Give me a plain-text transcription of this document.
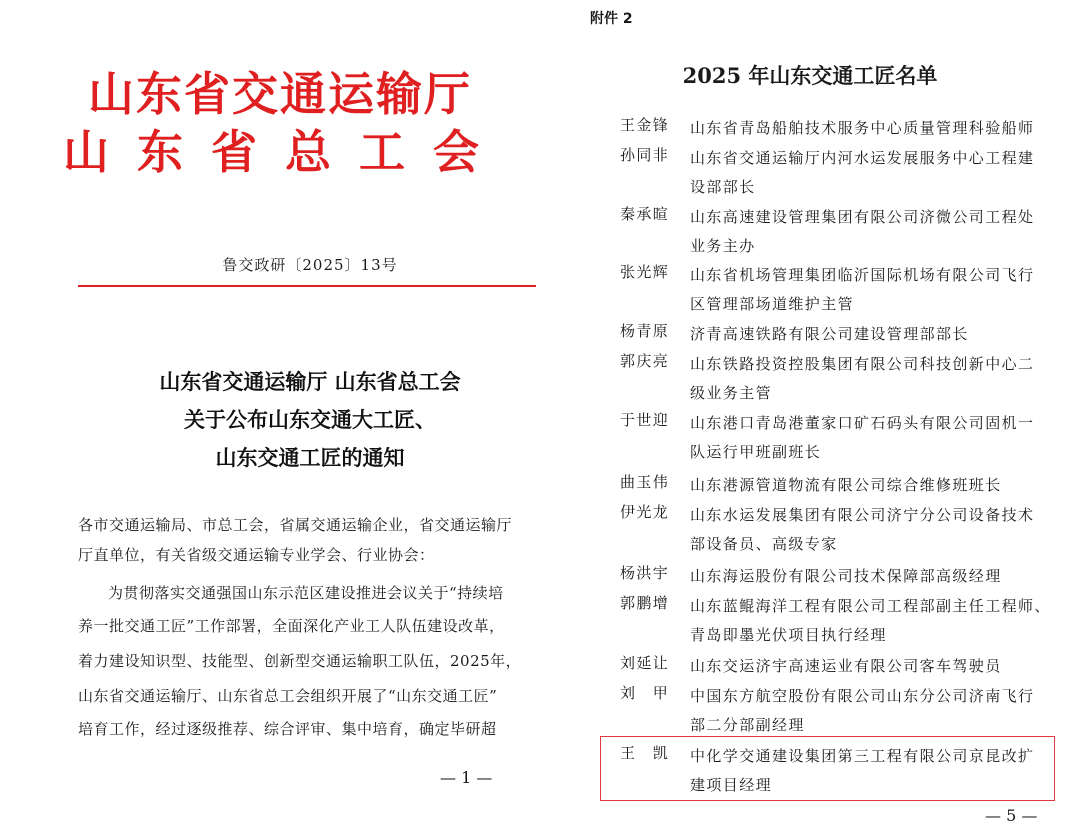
山东省交通运输厅
山东省总工会
鲁交政研〔2025〕13号
山东省交通运输厅 山东省总工会
关于公布山东交通大工匠、
山东交通工匠的通知
各市交通运输局、市总工会，省属交通运输企业，省交通运输厅
厅直单位，有关省级交通运输专业学会、行业协会：
为贯彻落实交通强国山东示范区建设推进会议关于“持续培
养一批交通工匠”工作部署，全面深化产业工人队伍建设改革，
着力建设知识型、技能型、创新型交通运输职工队伍，2025年，
山东省交通运输厅、山东省总工会组织开展了“山东交通工匠”
培育工作，经过逐级推荐、综合评审、集中培育，确定毕研超
— 1 —
附件 2
2025 年山东交通工匠名单
王金锋	山东省青岛船舶技术服务中心质量管理科验船师
孙同非	山东省交通运输厅内河水运发展服务中心工程建
设部部长
秦承暄	山东高速建设管理集团有限公司济微公司工程处
业务主办
张光辉	山东省机场管理集团临沂国际机场有限公司飞行
区管理部场道维护主管
杨青原	济青高速铁路有限公司建设管理部部长
郭庆亮	山东铁路投资控股集团有限公司科技创新中心二
级业务主管
于世迎	山东港口青岛港董家口矿石码头有限公司固机一
队运行甲班副班长
曲玉伟	山东港源管道物流有限公司综合维修班班长
伊光龙	山东水运发展集团有限公司济宁分公司设备技术
部设备员、高级专家
杨洪宇	山东海运股份有限公司技术保障部高级经理
郭鹏增	山东蓝鲲海洋工程有限公司工程部副主任工程师、
青岛即墨光伏项目执行经理
刘延让	山东交运济宇高速运业有限公司客车驾驶员
刘　甲	中国东方航空股份有限公司山东分公司济南飞行
部二分部副经理
王　凯	中化学交通建设集团第三工程有限公司京昆改扩
建项目经理
— 5 —
